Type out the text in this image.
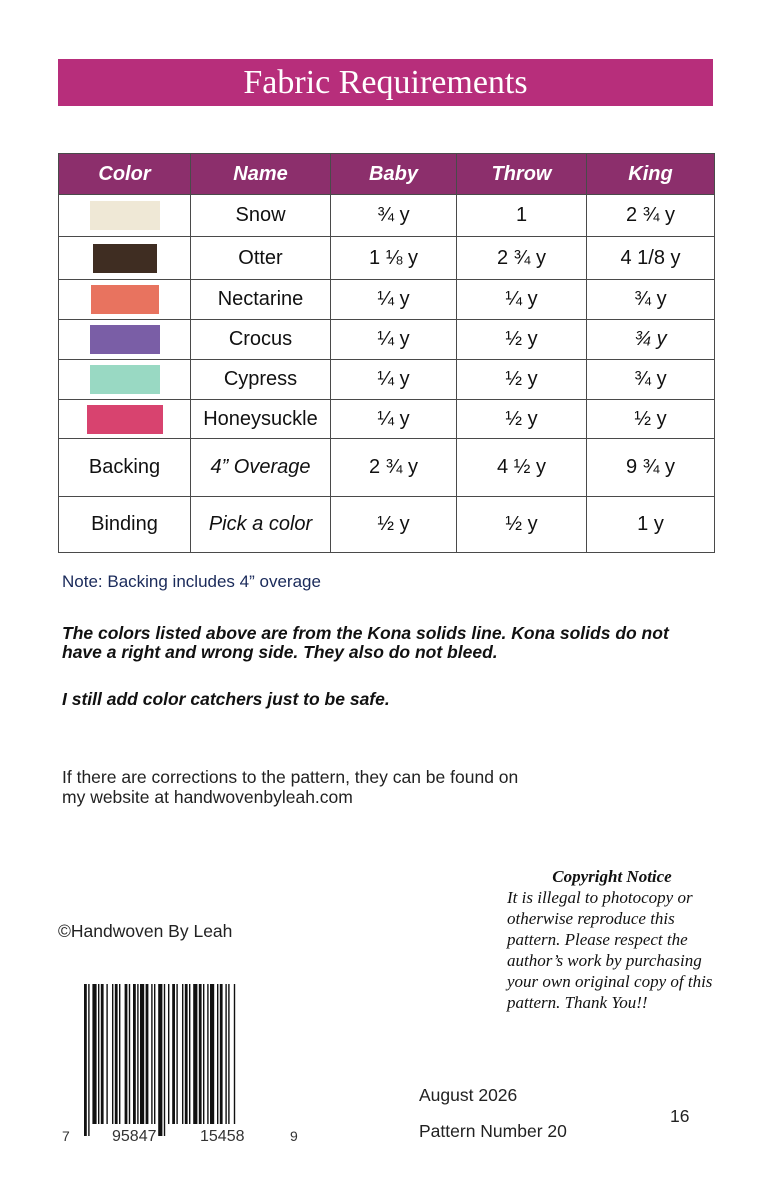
Fabric Requirements
Color	Name	Baby	Throw	King
	Snow	¾ y	1	2 ¾ y
	Otter	1 ⅛ y	2 ¾ y	4 1/8 y
	Nectarine	¼ y	¼ y	¾ y
	Crocus	¼ y	½ y	¾ y
	Cypress	¼ y	½ y	¾ y
	Honeysuckle	¼ y	½ y	½ y
Backing	4” Overage	2 ¾ y	4 ½ y	9 ¾ y
Binding	Pick a color	½ y	½ y	1 y
Note: Backing includes 4” overage
The colors listed above are from the Kona solids line. Kona solids do not have a right and wrong side. They also do not bleed.
I still add color catchers just to be safe.
If there are corrections to the pattern, they can be found on my website at handwovenbyleah.com
©Handwoven By Leah
Copyright Notice
It is illegal to photocopy or otherwise reproduce this pattern. Please respect the author’s work by purchasing your own original copy of this pattern. Thank You!!
7	95847	15458	9
August 2026
Pattern Number 20
16
